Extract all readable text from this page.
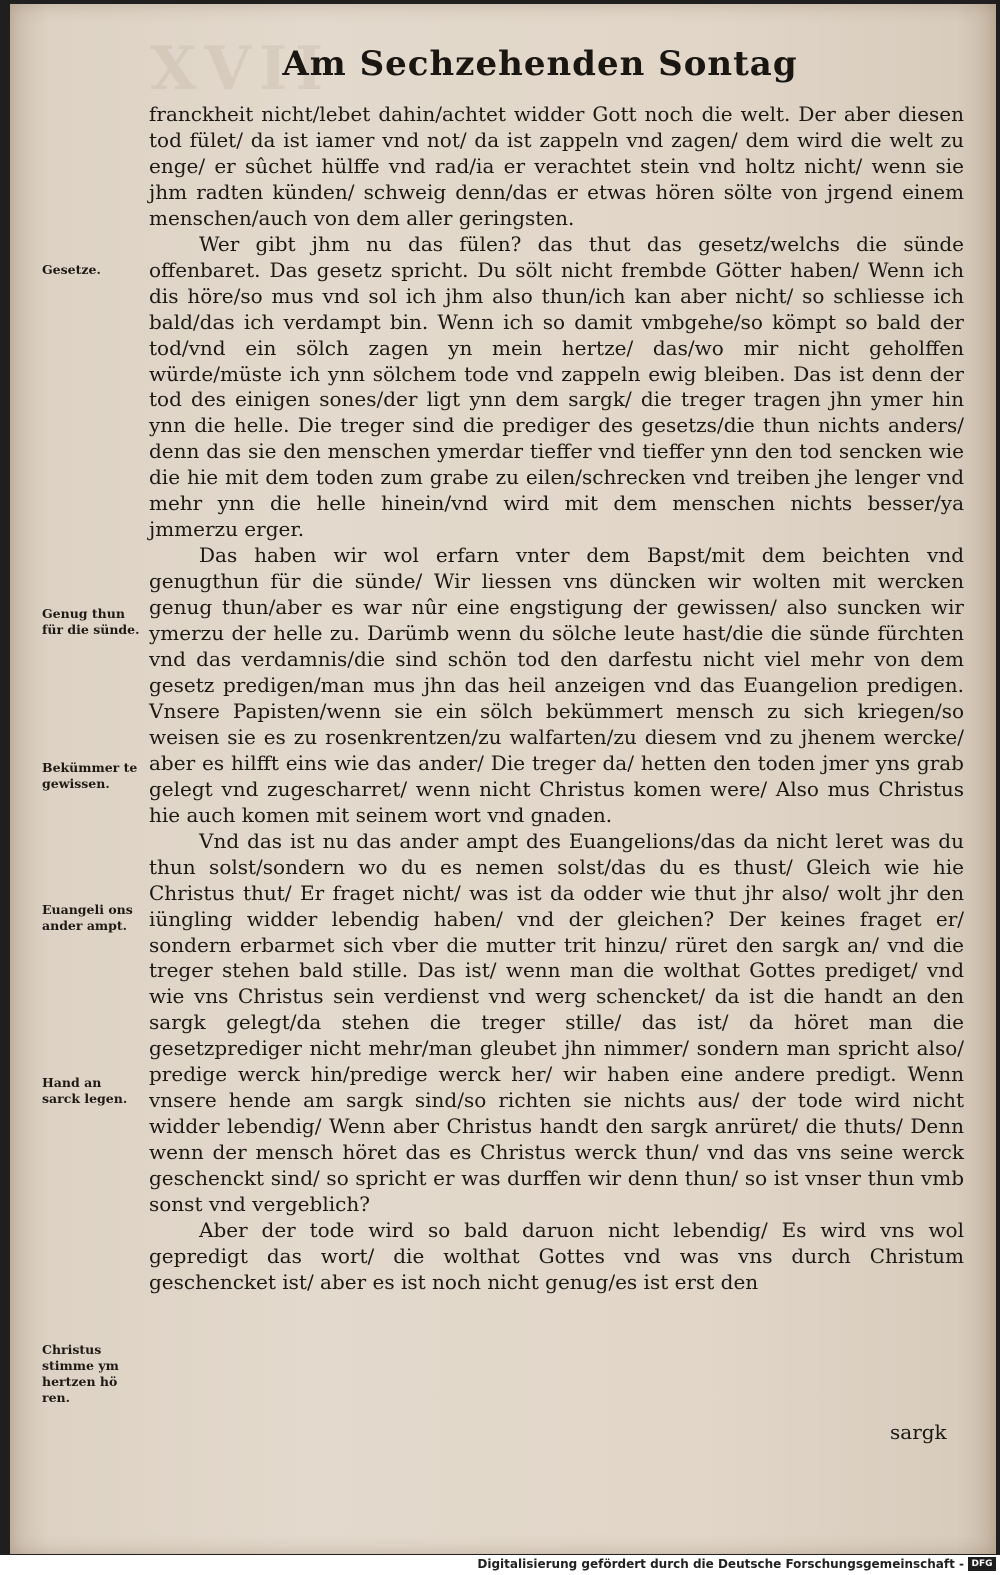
XVII
Am Sechzehenden Sontag

franckheit nicht/lebet dahin/achtet widder Gott noch die welt. Der aber diesen tod fület/ da ist iamer vnd not/ da ist zappeln vnd zagen/ dem wird die welt zu enge/ er sûchet hülffe vnd rad/ia er verachtet stein vnd holtz nicht/ wenn sie jhm radten künden/ schweig denn/das er etwas hören sölte von jrgend einem menschen/auch von dem aller geringsten.

Wer gibt jhm nu das fülen? das thut das gesetz/welchs die sünde offenbaret. Das gesetz spricht. Du sölt nicht frembde Götter haben/ Wenn ich dis höre/so mus vnd sol ich jhm also thun/ich kan aber nicht/ so schliesse ich bald/das ich verdampt bin. Wenn ich so damit vmbgehe/so kömpt so bald der tod/vnd ein sölch zagen yn mein hertze/ das/wo mir nicht geholffen würde/müste ich ynn sölchem tode vnd zappeln ewig bleiben. Das ist denn der tod des einigen sones/der ligt ynn dem sargk/ die treger tragen jhn ymer hin ynn die helle. Die treger sind die prediger des gesetzs/die thun nichts anders/ denn das sie den menschen ymerdar tieffer vnd tieffer ynn den tod sencken wie die hie mit dem toden zum grabe zu eilen/schrecken vnd treiben jhe lenger vnd mehr ynn die helle hinein/vnd wird mit dem menschen nichts besser/ya jmmerzu erger.

Das haben wir wol erfarn vnter dem Bapst/mit dem beichten vnd genugthun für die sünde/ Wir liessen vns düncken wir wolten mit wercken genug thun/aber es war nûr eine engstigung der gewissen/ also suncken wir ymerzu der helle zu. Darümb wenn du sölche leute hast/die die sünde fürchten vnd das verdamnis/die sind schön tod den darfestu nicht viel mehr von dem gesetz predigen/man mus jhn das heil anzeigen vnd das Euangelion predigen. Vnsere Papisten/wenn sie ein sölch bekümmert mensch zu sich kriegen/so weisen sie es zu rosenkrentzen/zu walfarten/zu diesem vnd zu jhenem wercke/ aber es hilfft eins wie das ander/ Die treger da/ hetten den toden jmer yns grab gelegt vnd zugescharret/ wenn nicht Christus komen were/ Also mus Christus hie auch komen mit seinem wort vnd gnaden.

Vnd das ist nu das ander ampt des Euangelions/das da nicht leret was du thun solst/sondern wo du es nemen solst/das du es thust/ Gleich wie hie Christus thut/ Er fraget nicht/ was ist da odder wie thut jhr also/ wolt jhr den iüngling widder lebendig haben/ vnd der gleichen? Der keines fraget er/ sondern erbarmet sich vber die mutter trit hinzu/ rüret den sargk an/ vnd die treger stehen bald stille. Das ist/ wenn man die wolthat Gottes prediget/ vnd wie vns Christus sein verdienst vnd werg schencket/ da ist die handt an den sargk gelegt/da stehen die treger stille/ das ist/ da höret man die gesetzprediger nicht mehr/man gleubet jhn nimmer/ sondern man spricht also/ predige werck hin/predige werck her/ wir haben eine andere predigt. Wenn vnsere hende am sargk sind/so richten sie nichts aus/ der tode wird nicht widder lebendig/ Wenn aber Christus handt den sargk anrüret/ die thuts/ Denn wenn der mensch höret das es Christus werck thun/ vnd das vns seine werck geschenckt sind/ so spricht er was durffen wir denn thun/ so ist vnser thun vmb sonst vnd vergeblich?

Aber der tode wird so bald daruon nicht lebendig/ Es wird vns wol gepredigt das wort/ die wolthat Gottes vnd was vns durch Christum geschencket ist/ aber es ist noch nicht genug/es ist erst den

Gesetze.
Genug thun für die sünde.
Bekümmer te gewissen.
Euangeli ons ander ampt.
Hand an sarck legen.
Christus stimme ym hertzen hö ren.
sargk
Digitalisierung gefördert durch die Deutsche Forschungsgemeinschaft - DFG
